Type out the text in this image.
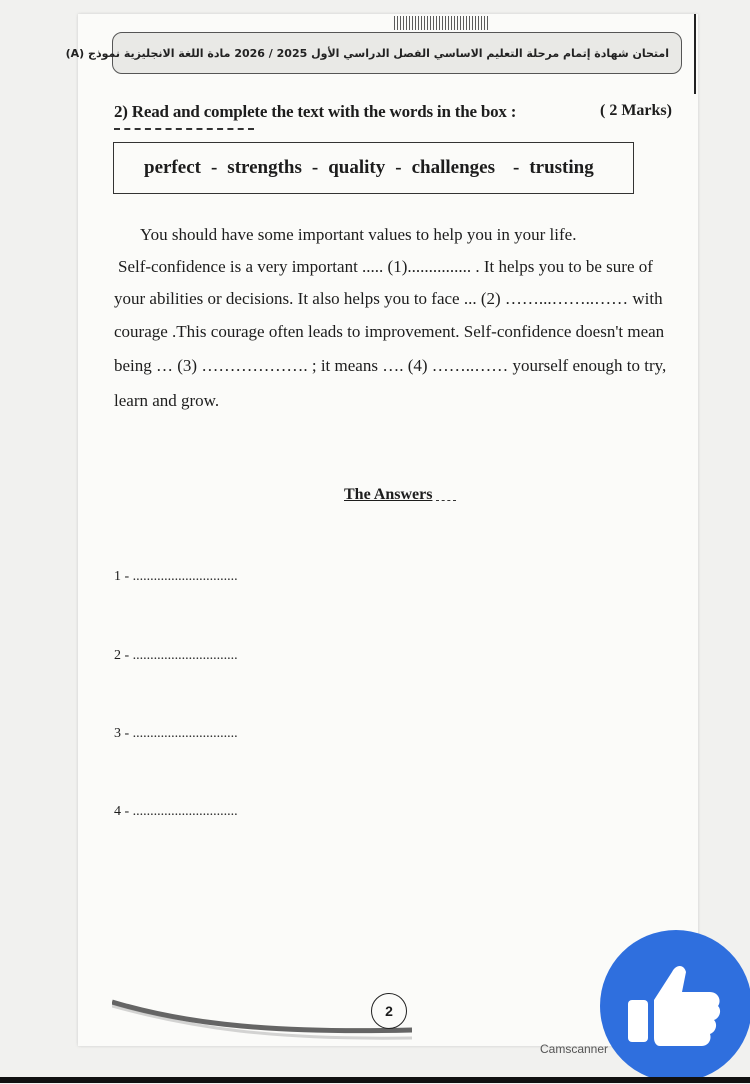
امتحان شهادة إتمام مرحلة التعليم الاساسي الفصل الدراسي الأول 2025 / 2026 مادة اللغة الانجليزية نموذج (A)
2) Read and complete the text with the words in the box :	( 2 Marks)
perfect - strengths - quality - challenges - trusting
You should have some important values to help you in your life.
Self-confidence is a very important ..... (1)............... . It helps you to be sure of
your abilities or decisions. It also helps you to face ... (2) ……...……..…… with
courage .This courage often leads to improvement. Self-confidence doesn't mean
being … (3) ………………. ; it means …. (4) ……..…… yourself enough to try,
learn and grow.
The Answers
1 - ..............................
2 - ..............................
3 - ..............................
4 - ..............................
2
Camscanner
